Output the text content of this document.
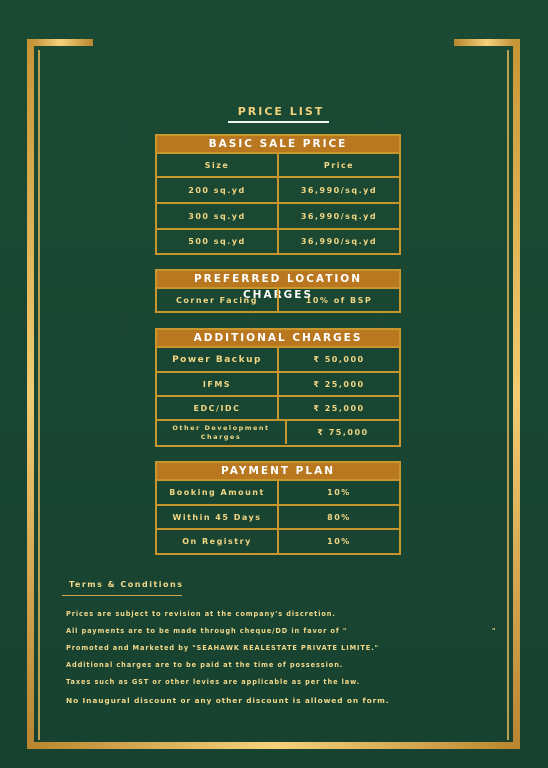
PRICE LIST
BASIC SALE PRICE
Size	Price
200 sq.yd	36,990/sq.yd
300 sq.yd	36,990/sq.yd
500 sq.yd	36,990/sq.yd
PREFERRED LOCATION CHARGES
Corner Facing	10% of BSP
ADDITIONAL CHARGES
Power Backup	₹ 50,000
IFMS	₹ 25,000
EDC/IDC	₹ 25,000
Other Development Charges	₹ 75,000
PAYMENT PLAN
Booking Amount	10%
Within 45 Days	80%
On Registry	10%
Terms & Conditions
Prices are subject to revision at the company's discretion.
All payments are to be made through cheque/DD in favor of "	"
Promoted and Marketed by "SEAHAWK REALESTATE PRIVATE LIMITE."
Additional charges are to be paid at the time of possession.
Taxes such as GST or other levies are applicable as per the law.
No Inaugural discount or any other discount is allowed on form.
